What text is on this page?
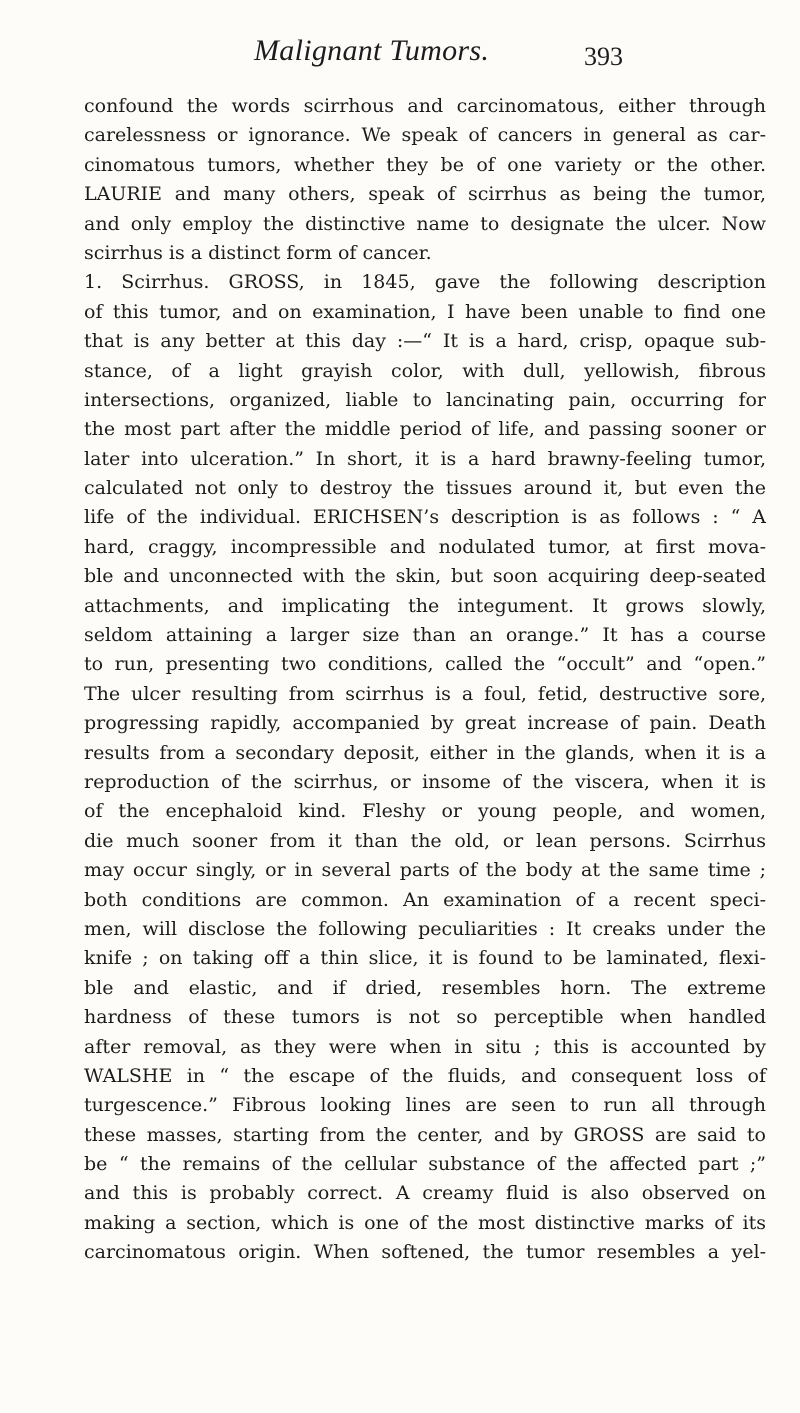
Malignant Tumors.	393
confound the words scirrhous and carcinomatous, either through
carelessness or ignorance. We speak of cancers in general as car-
cinomatous tumors, whether they be of one variety or the other.
LAURIE and many others, speak of scirrhus as being the tumor,
and only employ the distinctive name to designate the ulcer. Now
scirrhus is a distinct form of cancer.
1. Scirrhus. GROSS, in 1845, gave the following description
of this tumor, and on examination, I have been unable to find one
that is any better at this day :—“ It is a hard, crisp, opaque sub-
stance, of a light grayish color, with dull, yellowish, fibrous
intersections, organized, liable to lancinating pain, occurring for
the most part after the middle period of life, and passing sooner or
later into ulceration.” In short, it is a hard brawny-feeling tumor,
calculated not only to destroy the tissues around it, but even the
life of the individual. ERICHSEN’s description is as follows : “ A
hard, craggy, incompressible and nodulated tumor, at first mova-
ble and unconnected with the skin, but soon acquiring deep-seated
attachments, and implicating the integument. It grows slowly,
seldom attaining a larger size than an orange.” It has a course
to run, presenting two conditions, called the “occult” and “open.”
The ulcer resulting from scirrhus is a foul, fetid, destructive sore,
progressing rapidly, accompanied by great increase of pain. Death
results from a secondary deposit, either in the glands, when it is a
reproduction of the scirrhus, or insome of the viscera, when it is
of the encephaloid kind. Fleshy or young people, and women,
die much sooner from it than the old, or lean persons. Scirrhus
may occur singly, or in several parts of the body at the same time ;
both conditions are common. An examination of a recent speci-
men, will disclose the following peculiarities : It creaks under the
knife ; on taking off a thin slice, it is found to be laminated, flexi-
ble and elastic, and if dried, resembles horn. The extreme
hardness of these tumors is not so perceptible when handled
after removal, as they were when in situ ; this is accounted by
WALSHE in “ the escape of the fluids, and consequent loss of
turgescence.” Fibrous looking lines are seen to run all through
these masses, starting from the center, and by GROSS are said to
be “ the remains of the cellular substance of the affected part ;”
and this is probably correct. A creamy fluid is also observed on
making a section, which is one of the most distinctive marks of its
carcinomatous origin. When softened, the tumor resembles a yel-
